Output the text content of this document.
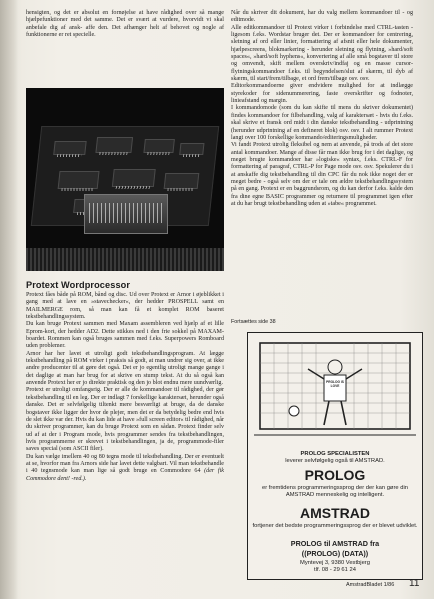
hensigten, og det er absolut en fornøjelse at have rådighed over så mange hjælpefunktioner med det samme. Det er svært at vurdere, hvorvidt vi skal anbefale dig af ansk- affe den. Det afhænger helt af behovet og nogle af funktionerne er ret specielle.

Protext Wordprocessor

Protext fåes både på ROM, bånd og disc. Ud over Protext er Arnor i øjeblikket i gang med at lave en »stavechecker«, der hedder PROSPELL samt en MAILMERGE rom, så man kan få et komplet ROM baseret tekstbehandlingssystem.

Du kan bruge Protext sammen med Maxam assembleren ved hjælp af et lille Eprom-kort, der hedder AD2. Dette stikkes ned i den frie sokkel på MAXAM-boardet. Rommen kan også bruges sammen med f.eks. Superpowers Romboard uden problemer.

Arnor har her lavet et utroligt godt tekstbehandlingsprogram. At lægge tekstbehandling på ROM virker i praksis så godt, at man undrer sig over, at ikke andre producenter til at gøre det også. Det er jo egentlig utroligt mange gange i det daglige at man har brug for at skrive en stump tekst. At du så også kan anvende Protext her er jo direkte praktisk og den jo blot endnu mere uundværlig.

Protext er utroligt omfangsrig. Der er alle de kommandoer til rådighed, der gør tekstbehandling til en leg. Der er indlagt 7 forskellige karaktersæt, herunder også danske. Det er selvfølgelig tiltenkt mere besværligt at bruge, da de danske bogstaver ikke ligger der hvor de plejer, men det er da betydelig bedre end hvis de slet ikke var der. Hvis du kan lide at have »full screen editor« til rådighed, når du skriver programmer, kan du bruge Protext som en sådan. Protext finder selv ud af at der i Program mode, hvis programmer sendes fra tekstbehandlingen, hvis programmerne er skrevet i tekstbehandlingen, ja de, programmode-filer saves special (som ASCII filer).

Du kan vælge imellem 40 og 80 tegns mode til tekstbehandling. Der er eventuelt at se, hvorfor man fra Arnors side har lavet dette valgbart. Vil man tekstbehandle i 40 tegnsmode kan man lige så godt bruge en Commodore 64 (der fik Commodore dent! -red.).

Når du skriver dit dokument, har du valg mellem kommandoer til - og editmode.

Alle editkommandoer til Protext virker i forbindelse med CTRL-tasten - ligesom f.eks. Wordstar bruger det. Der er kommandoer for centrering, sletning af ord eller linier, formattering af afsnit eller hele dokumenter, hjælpescreens, blokmarkering - herunder sletning og flytning, »hard/soft spaces«, »hard/soft hyphens«, konvertering af alle små bogstaver til store og omvendt, skift mellem overskriv/indfaj og en masse cursor-flytningskommandoer f.eks. til begyndelsen/slut af skærm, til dyb af skærm, til start/frem/tilbage, et ord frem/tilbage osv. osv.

Editorkommandoerne giver endvidere mulighed for at indlægge styrekoder for sidenummerering, faste overskrifter og fodnoter, linieafstand og margin.

I kommandomode (som du kan skifte til mens du skriver dokumentet) findes kommandoer for filbehandling, valg af karaktersæt - hvis du f.eks. skal skrive et fransk ord midt i din danske tekstbehandling - udprintning (herunder udprintning af en defineret blok) osv. osv. I alt rummer Protext langt over 100 forskellige kommando/editeringsmuligheder.

Vi fandt Protext utrolig fleksibel og nem at anvende, på trods af det store antal kommandoer. Mange af disse får man ikke brug for i det daglige, og meget brugte kommandoer har »logiske« syntax, f.eks. CTRL-F for formattering af paragraf, CTRL-P for Page mode osv. osv. Spekulerer du i at anskaffe dig tekstbehandling til din CPC får du nok ikke noget der er meget bedre - også selv om der er tale om ældre tekstbehandlingssystem på en gang. Protext er en baggrundsrom, og du kan derfor f.eks. kalde den fra dine egne BASIC programmer og returnere til programmet igen efter at du har brugt tekstbehandling uden at »tabe« programmet.

Fortsættes side 38
PROLOG IS LOVE
PROLOG SPECIALISTEN
leverer selvfølgelig også til AMSTRAD.
PROLOG
er fremtidens programmeringssprog der der kan gøre din AMSTRAD menneskelig og intelligent.
AMSTRAD
fortjener det bedste programmeringssprog der er blevet udviklet.
PROLOG til AMSTRAD fra
((PROLOG) (DATA))
Myntevej 3, 9380 Vestbjerg
tlf. 08 - 29 61 24
AmstradBladet 1/86 11
